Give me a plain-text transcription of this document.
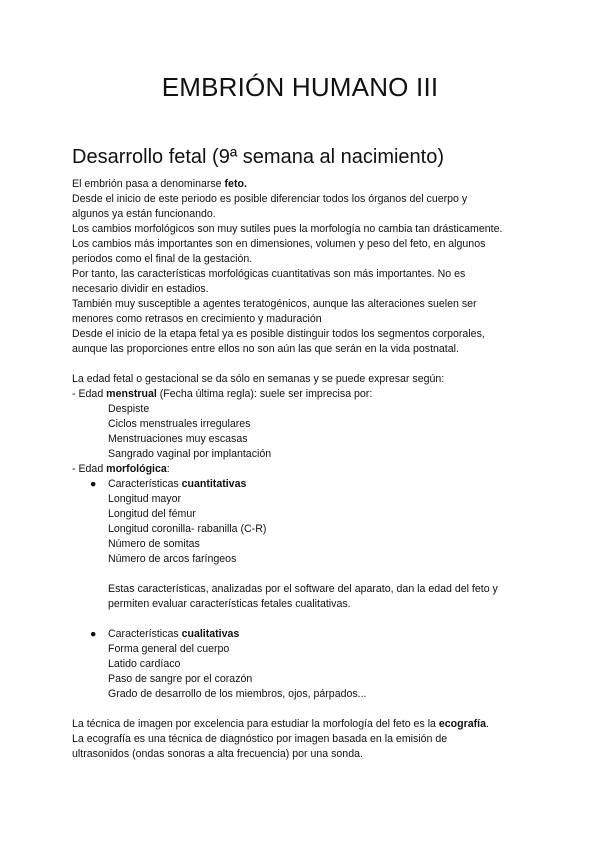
EMBRIÓN HUMANO III
Desarrollo fetal (9ª semana al nacimiento)
El embrión pasa a denominarse feto.
Desde el inicio de este periodo es posible diferenciar todos los órganos del cuerpo y
algunos ya están funcionando.
Los cambios morfológicos son muy sutiles pues la morfología no cambia tan drásticamente.
Los cambios más importantes son en dimensiones, volumen y peso del feto, en algunos
periodos como el final de la gestación.
Por tanto, las características morfológicas cuantitativas son más importantes. No es
necesario dividir en estadios.
También muy susceptible a agentes teratogénicos, aunque las alteraciones suelen ser
menores como retrasos en crecimiento y maduración
Desde el inicio de la etapa fetal ya es posible distinguir todos los segmentos corporales,
aunque las proporciones entre ellos no son aún las que serán en la vida postnatal.
La edad fetal o gestacional se da sólo en semanas y se puede expresar según:
- Edad menstrual (Fecha última regla): suele ser imprecisa por:
Despiste
Ciclos menstruales irregulares
Menstruaciones muy escasas
Sangrado vaginal por implantación
- Edad morfológica:
● Características cuantitativas
Longitud mayor
Longitud del fémur
Longitud coronilla- rabanilla (C-R)
Número de somitas
Número de arcos faríngeos
Estas características, analizadas por el software del aparato, dan la edad del feto y
permiten evaluar características fetales cualitativas.
● Características cualitativas
Forma general del cuerpo
Latido cardíaco
Paso de sangre por el corazón
Grado de desarrollo de los miembros, ojos, párpados...
La técnica de imagen por excelencia para estudiar la morfología del feto es la ecografía.
La ecografía es una técnica de diagnóstico por imagen basada en la emisión de
ultrasonidos (ondas sonoras a alta frecuencia) por una sonda.
